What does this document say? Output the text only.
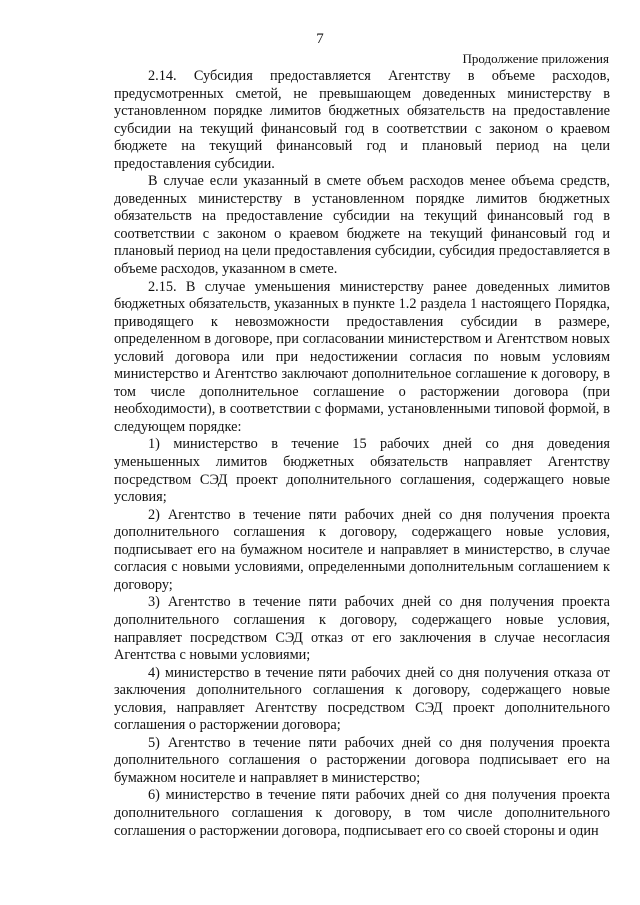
7
Продолжение приложения

2.14. Субсидия предоставляется Агентству в объеме расходов, предусмотренных сметой, не превышающем доведенных министерству в установленном порядке лимитов бюджетных обязательств на предоставление субсидии на текущий финансовый год в соответствии с законом о краевом бюджете на текущий финансовый год и плановый период на цели предоставления субсидии.

В случае если указанный в смете объем расходов менее объема средств, доведенных министерству в установленном порядке лимитов бюджетных обязательств на предоставление субсидии на текущий финансовый год в соответствии с законом о краевом бюджете на текущий финансовый год и плановый период на цели предоставления субсидии, субсидия предоставляется в объеме расходов, указанном в смете.

2.15. В случае уменьшения министерству ранее доведенных лимитов бюджетных обязательств, указанных в пункте 1.2 раздела 1 настоящего Порядка, приводящего к невозможности предоставления субсидии в размере, определенном в договоре, при согласовании министерством и Агентством новых условий договора или при недостижении согласия по новым условиям министерство и Агентство заключают дополнительное соглашение к договору, в том числе дополнительное соглашение о расторжении договора (при необходимости), в соответствии с формами, установленными типовой формой, в следующем порядке:

1) министерство в течение 15 рабочих дней со дня доведения уменьшенных лимитов бюджетных обязательств направляет Агентству посредством СЭД проект дополнительного соглашения, содержащего новые условия;

2) Агентство в течение пяти рабочих дней со дня получения проекта дополнительного соглашения к договору, содержащего новые условия, подписывает его на бумажном носителе и направляет в министерство, в случае согласия с новыми условиями, определенными дополнительным соглашением к договору;

3) Агентство в течение пяти рабочих дней со дня получения проекта дополнительного соглашения к договору, содержащего новые условия, направляет посредством СЭД отказ от его заключения в случае несогласия Агентства с новыми условиями;

4) министерство в течение пяти рабочих дней со дня получения отказа от заключения дополнительного соглашения к договору, содержащего новые условия, направляет Агентству посредством СЭД проект дополнительного соглашения о расторжении договора;

5) Агентство в течение пяти рабочих дней со дня получения проекта дополнительного соглашения о расторжении договора подписывает его на бумажном носителе и направляет в министерство;

6) министерство в течение пяти рабочих дней со дня получения проекта дополнительного соглашения к договору, в том числе дополнительного соглашения о расторжении договора, подписывает его со своей стороны и один
